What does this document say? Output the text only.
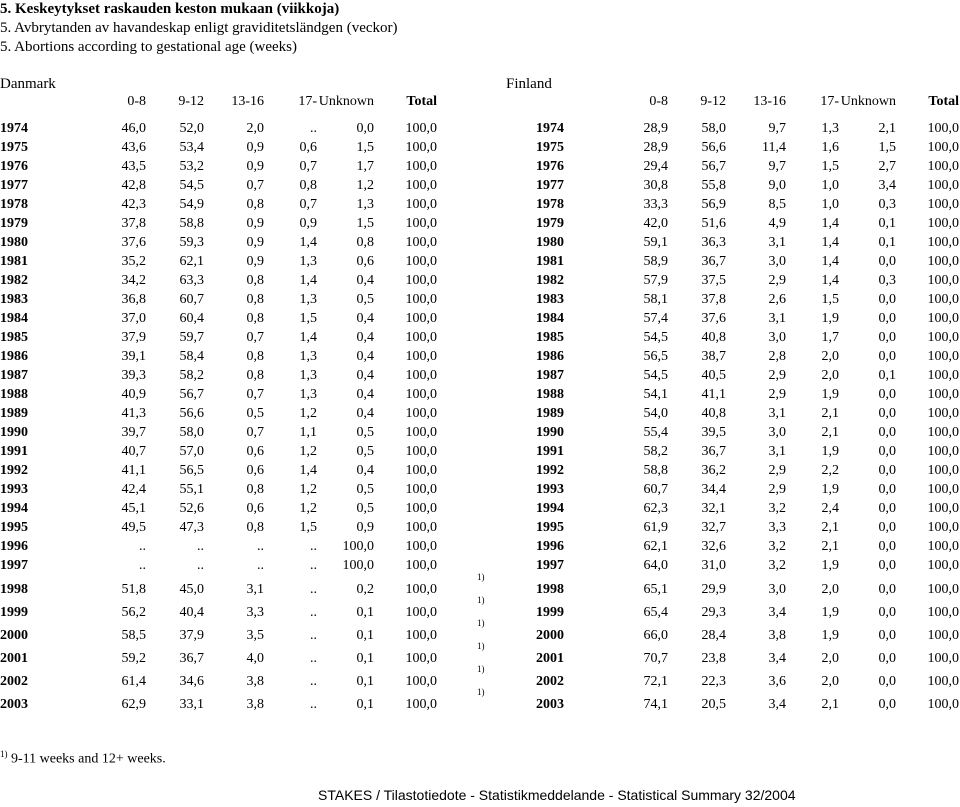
5. Keskeytykset raskauden keston mukaan (viikkoja)
5. Avbrytanden av havandeskap enligt graviditetsländgen (veckor)
5. Abortions according to gestational age (weeks)
Danmark	Finland
0-8	9-12	13-16	17- Unknown	Total
1974	46,0	52,0	2,0	..	0,0	100,0
1975	43,6	53,4	0,9	0,6	1,5	100,0
1976	43,5	53,2	0,9	0,7	1,7	100,0
1977	42,8	54,5	0,7	0,8	1,2	100,0
1978	42,3	54,9	0,8	0,7	1,3	100,0
1979	37,8	58,8	0,9	0,9	1,5	100,0
1980	37,6	59,3	0,9	1,4	0,8	100,0
1981	35,2	62,1	0,9	1,3	0,6	100,0
1982	34,2	63,3	0,8	1,4	0,4	100,0
1983	36,8	60,7	0,8	1,3	0,5	100,0
1984	37,0	60,4	0,8	1,5	0,4	100,0
1985	37,9	59,7	0,7	1,4	0,4	100,0
1986	39,1	58,4	0,8	1,3	0,4	100,0
1987	39,3	58,2	0,8	1,3	0,4	100,0
1988	40,9	56,7	0,7	1,3	0,4	100,0
1989	41,3	56,6	0,5	1,2	0,4	100,0
1990	39,7	58,0	0,7	1,1	0,5	100,0
1991	40,7	57,0	0,6	1,2	0,5	100,0
1992	41,1	56,5	0,6	1,4	0,4	100,0
1993	42,4	55,1	0,8	1,2	0,5	100,0
1994	45,1	52,6	0,6	1,2	0,5	100,0
1995	49,5	47,3	0,8	1,5	0,9	100,0
1996	..	..	..	..	100,0	100,0
1997	..	..	..	..	100,0	100,0
1998	51,8	45,0	3,1	..	0,2	100,0
1)
1999	56,2	40,4	3,3	..	0,1	100,0
1)
2000	58,5	37,9	3,5	..	0,1	100,0
1)
2001	59,2	36,7	4,0	..	0,1	100,0
1)
2002	61,4	34,6	3,8	..	0,1	100,0
1)
2003	62,9	33,1	3,8	..	0,1	100,0
1)
0-8	9-12	13-16	17- Unknown	Total
1974	28,9	58,0	9,7	1,3	2,1	100,0
1975	28,9	56,6	11,4	1,6	1,5	100,0
1976	29,4	56,7	9,7	1,5	2,7	100,0
1977	30,8	55,8	9,0	1,0	3,4	100,0
1978	33,3	56,9	8,5	1,0	0,3	100,0
1979	42,0	51,6	4,9	1,4	0,1	100,0
1980	59,1	36,3	3,1	1,4	0,1	100,0
1981	58,9	36,7	3,0	1,4	0,0	100,0
1982	57,9	37,5	2,9	1,4	0,3	100,0
1983	58,1	37,8	2,6	1,5	0,0	100,0
1984	57,4	37,6	3,1	1,9	0,0	100,0
1985	54,5	40,8	3,0	1,7	0,0	100,0
1986	56,5	38,7	2,8	2,0	0,0	100,0
1987	54,5	40,5	2,9	2,0	0,1	100,0
1988	54,1	41,1	2,9	1,9	0,0	100,0
1989	54,0	40,8	3,1	2,1	0,0	100,0
1990	55,4	39,5	3,0	2,1	0,0	100,0
1991	58,2	36,7	3,1	1,9	0,0	100,0
1992	58,8	36,2	2,9	2,2	0,0	100,0
1993	60,7	34,4	2,9	1,9	0,0	100,0
1994	62,3	32,1	3,2	2,4	0,0	100,0
1995	61,9	32,7	3,3	2,1	0,0	100,0
1996	62,1	32,6	3,2	2,1	0,0	100,0
1997	64,0	31,0	3,2	1,9	0,0	100,0
1998	65,1	29,9	3,0	2,0	0,0	100,0
1999	65,4	29,3	3,4	1,9	0,0	100,0
2000	66,0	28,4	3,8	1,9	0,0	100,0
2001	70,7	23,8	3,4	2,0	0,0	100,0
2002	72,1	22,3	3,6	2,0	0,0	100,0
2003	74,1	20,5	3,4	2,1	0,0	100,0
$^{1)}$ 9-11 weeks and 12+ weeks.
STAKES / Tilastotiedote - Statistikmeddelande - Statistical Summary 32/2004
